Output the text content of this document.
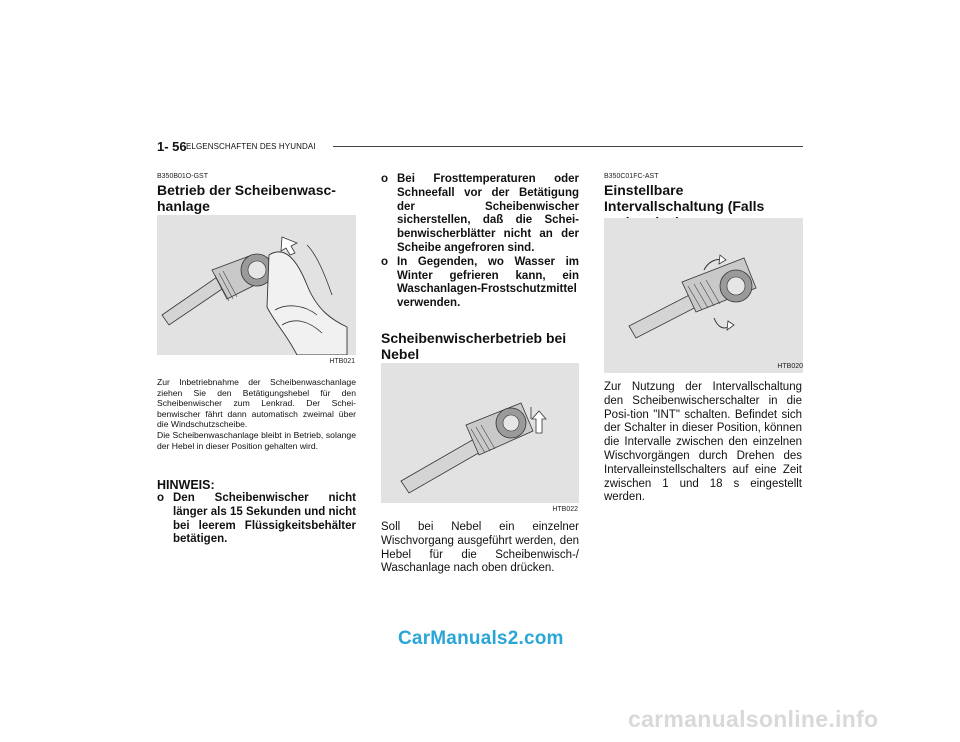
1- 56 ELGENSCHAFTEN DES HYUNDAI
B350B01O-GST
Betrieb der Scheibenwasc-hanlage
HTB021
Zur Inbetriebnahme der Scheibenwaschanlage ziehen Sie den Betätigungshebel für den Scheibenwischer zum Lenkrad. Der Schei-benwischer fährt dann automatisch zweimal über die Windschutzscheibe.
Die Scheibenwaschanlage bleibt in Betrieb, solange der Hebel in dieser Position gehalten wird.
HINWEIS:
o Den Scheibenwischer nicht länger als 15 Sekunden und nicht bei leerem Flüssigkeitsbehälter betätigen.
o Bei Frosttemperaturen oder Schneefall vor der Betätigung der Scheibenwischer sicherstellen, daß die Schei-benwischerblätter nicht an der Scheibe angefroren sind.
o In Gegenden, wo Wasser im Winter gefrieren kann, ein Waschanlagen-Frostschutzmittel verwenden.
Scheibenwischerbetrieb bei Nebel
HTB022
Soll bei Nebel ein einzelner Wischvorgang ausgeführt werden, den Hebel für die Scheibenwisch-/ Waschanlage nach oben drücken.
B350C01FC-AST
Einstellbare Intervallschaltung (Falls
HTB020
Zur Nutzung der Intervallschaltung den Scheibenwischerschalter in die Posi-tion "INT" schalten. Befindet sich der Schalter in dieser Position, können die Intervalle zwischen den einzelnen Wischvorgängen durch Drehen des Intervalleinstellschalters auf eine Zeit zwischen 1 und 18 s eingestellt werden.
CarManuals2.com
carmanualsonline.info
